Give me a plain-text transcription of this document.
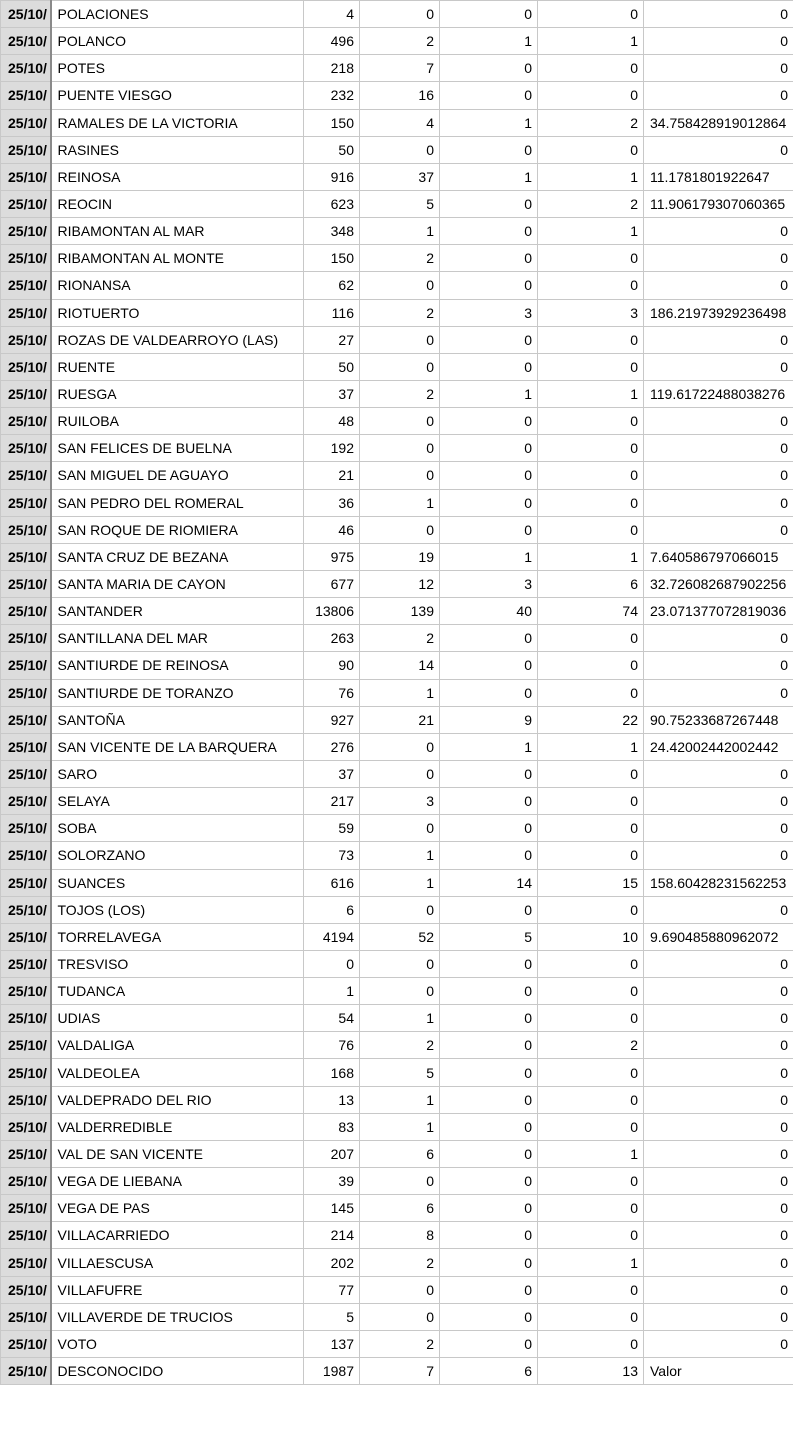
25/10/	POLACIONES	4	0	0	0	0
25/10/	POLANCO	496	2	1	1	0
25/10/	POTES	218	7	0	0	0
25/10/	PUENTE VIESGO	232	16	0	0	0
25/10/	RAMALES DE LA VICTORIA	150	4	1	2	34.758428919012864
25/10/	RASINES	50	0	0	0	0
25/10/	REINOSA	916	37	1	1	11.1781801922647
25/10/	REOCIN	623	5	0	2	11.906179307060365
25/10/	RIBAMONTAN AL MAR	348	1	0	1	0
25/10/	RIBAMONTAN AL MONTE	150	2	0	0	0
25/10/	RIONANSA	62	0	0	0	0
25/10/	RIOTUERTO	116	2	3	3	186.21973929236498
25/10/	ROZAS DE VALDEARROYO (LAS)	27	0	0	0	0
25/10/	RUENTE	50	0	0	0	0
25/10/	RUESGA	37	2	1	1	119.61722488038276
25/10/	RUILOBA	48	0	0	0	0
25/10/	SAN FELICES DE BUELNA	192	0	0	0	0
25/10/	SAN MIGUEL DE AGUAYO	21	0	0	0	0
25/10/	SAN PEDRO DEL ROMERAL	36	1	0	0	0
25/10/	SAN ROQUE DE RIOMIERA	46	0	0	0	0
25/10/	SANTA CRUZ DE BEZANA	975	19	1	1	7.640586797066015
25/10/	SANTA MARIA DE CAYON	677	12	3	6	32.726082687902256
25/10/	SANTANDER	13806	139	40	74	23.071377072819036
25/10/	SANTILLANA DEL MAR	263	2	0	0	0
25/10/	SANTIURDE DE REINOSA	90	14	0	0	0
25/10/	SANTIURDE DE TORANZO	76	1	0	0	0
25/10/	SANTOÑA	927	21	9	22	90.75233687267448
25/10/	SAN VICENTE DE LA BARQUERA	276	0	1	1	24.42002442002442
25/10/	SARO	37	0	0	0	0
25/10/	SELAYA	217	3	0	0	0
25/10/	SOBA	59	0	0	0	0
25/10/	SOLORZANO	73	1	0	0	0
25/10/	SUANCES	616	1	14	15	158.60428231562253
25/10/	TOJOS (LOS)	6	0	0	0	0
25/10/	TORRELAVEGA	4194	52	5	10	9.690485880962072
25/10/	TRESVISO	0	0	0	0	0
25/10/	TUDANCA	1	0	0	0	0
25/10/	UDIAS	54	1	0	0	0
25/10/	VALDALIGA	76	2	0	2	0
25/10/	VALDEOLEA	168	5	0	0	0
25/10/	VALDEPRADO DEL RIO	13	1	0	0	0
25/10/	VALDERREDIBLE	83	1	0	0	0
25/10/	VAL DE SAN VICENTE	207	6	0	1	0
25/10/	VEGA DE LIEBANA	39	0	0	0	0
25/10/	VEGA DE PAS	145	6	0	0	0
25/10/	VILLACARRIEDO	214	8	0	0	0
25/10/	VILLAESCUSA	202	2	0	1	0
25/10/	VILLAFUFRE	77	0	0	0	0
25/10/	VILLAVERDE DE TRUCIOS	5	0	0	0	0
25/10/	VOTO	137	2	0	0	0
25/10/	DESCONOCIDO	1987	7	6	13	Valor
